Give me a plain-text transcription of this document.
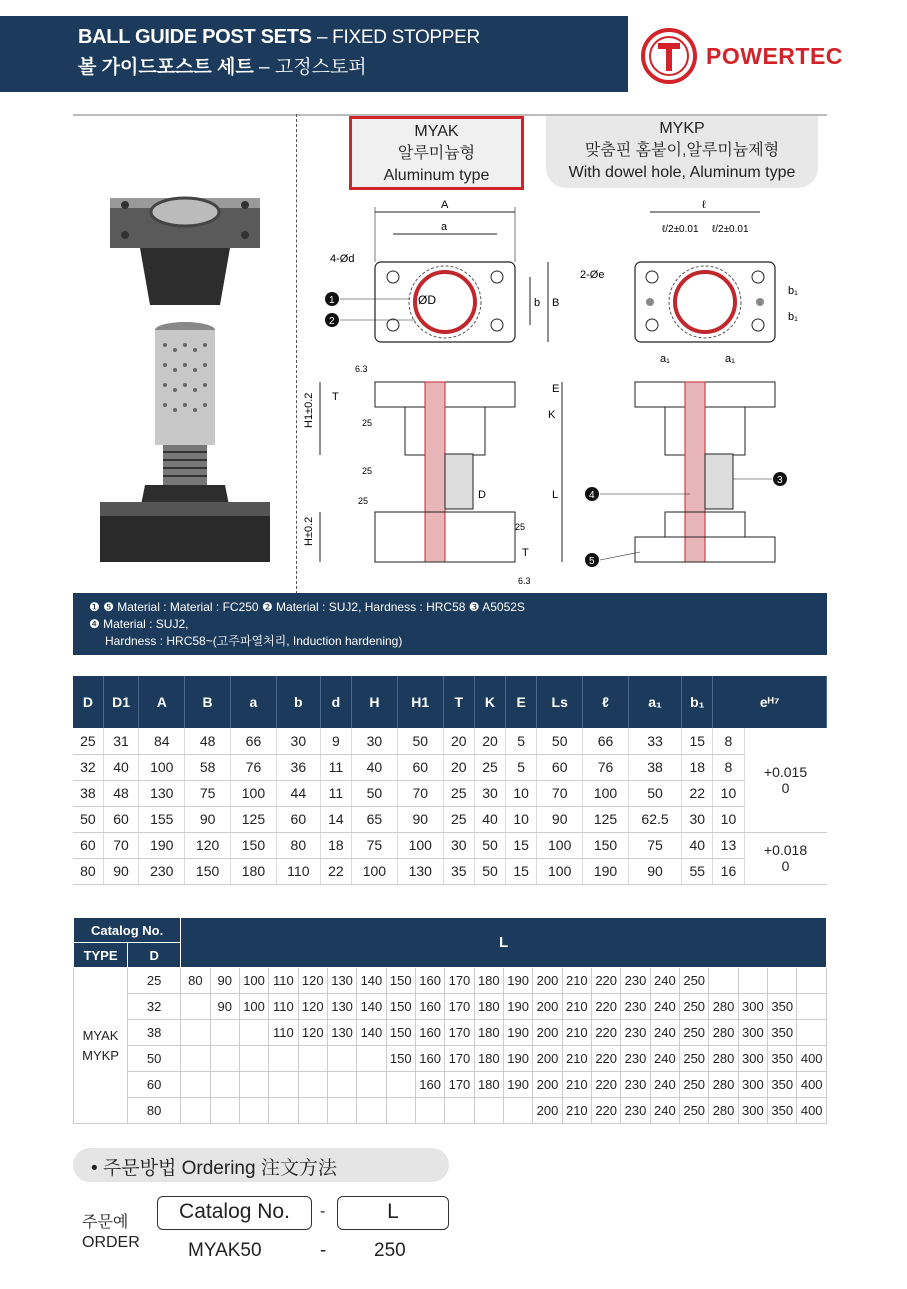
BALL GUIDE POST SETS – FIXED STOPPER
볼 가이드포스트 세트 – 고정스토퍼	POWERTEC
MYAK
알루미늄형
Aluminum type
MYKP
맞춤핀 홈붙이,알루미늄제형
With dowel hole, Aluminum type
A
a
B
b
4-Ød
ØD
1
2
ℓ
ℓ/2±0.01 ℓ/2±0.01
2-Øe
a₁	a₁
b₁
b₁
H1±0.2
H±0.2
T
T
K
E
L
D
6.3
25
25
25
25
6.3
3
4
5
❶ ❺ Material : Material : FC250 ❷ Material : SUJ2, Hardness : HRC58 ❸ A5052S
❹ Material : SUJ2,
Hardness : HRC58~(고주파열처리, Induction hardening)
D	D1	A	B	a	b	d	H	H1	T	K	E	Ls	ℓ	a₁	b₁	eᴴ⁷	
25	31	84	48	66	30	9	30	50	20	20	5	50	66	33	15	8	+0.015
0

32	40	100	58	76	36	11	40	60	20	25	5	60	76	38	18	8	
38	48	130	75	100	44	11	50	70	25	30	10	70	100	50	22	10	
50	60	155	90	125	60	14	65	90	25	40	10	90	125	62.5	30	10	
60	70	190	120	150	80	18	75	100	30	50	15	100	150	75	40	13	+0.018
0

80	90	230	150	180	110	22	100	130	35	50	15	100	190	90	55	16	
Catalog No.		L																					
TYPE	D																						

MYAK
MYKP	25	80	90	100	110	120	130	140	150	160	170	180	190	200	210	220	230	240	250				
	32		90	100	110	120	130	140	150	160	170	180	190	200	210	220	230	240	250	280	300	350	
	38				110	120	130	140	150	160	170	180	190	200	210	220	230	240	250	280	300	350	
	50								150	160	170	180	190	200	210	220	230	240	250	280	300	350	400
	60									160	170	180	190	200	210	220	230	240	250	280	300	350	400
	80													200	210	220	230	240	250	280	300	350	400
• 주문방법 Ordering 注文方法
주문예
ORDER
Catalog No.	-	L
MYAK50	-	250
